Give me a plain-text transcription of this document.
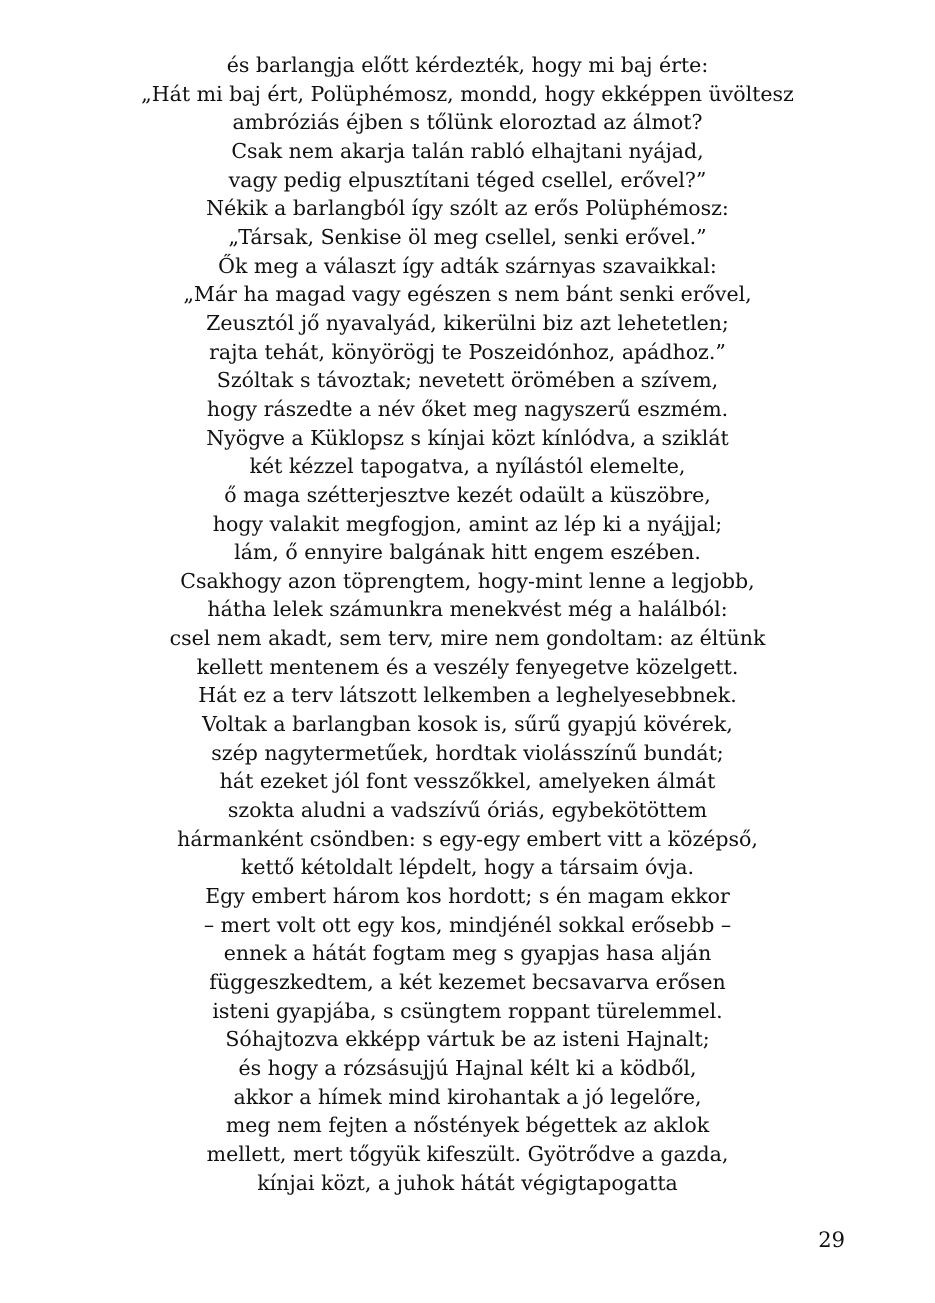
és barlangja előtt kérdezték, hogy mi baj érte:
„Hát mi baj ért, Polüphémosz, mondd, hogy ekképpen üvöltesz
ambróziás éjben s tőlünk eloroztad az álmot?
Csak nem akarja talán rabló elhajtani nyájad,
vagy pedig elpusztítani téged csellel, erővel?”
Nékik a barlangból így szólt az erős Polüphémosz:
„Társak, Senkise öl meg csellel, senki erővel.”
Ők meg a választ így adták szárnyas szavaikkal:
„Már ha magad vagy egészen s nem bánt senki erővel,
Zeusztól jő nyavalyád, kikerülni biz azt lehetetlen;
rajta tehát, könyörögj te Poszeidónhoz, apádhoz.”
Szóltak s távoztak; nevetett örömében a szívem,
hogy rászedte a név őket meg nagyszerű eszmém.
Nyögve a Küklopsz s kínjai közt kínlódva, a sziklát
két kézzel tapogatva, a nyílástól elemelte,
ő maga szétterjesztve kezét odaült a küszöbre,
hogy valakit megfogjon, amint az lép ki a nyájjal;
lám, ő ennyire balgának hitt engem eszében.
Csakhogy azon töprengtem, hogy-mint lenne a legjobb,
hátha lelek számunkra menekvést még a halálból:
csel nem akadt, sem terv, mire nem gondoltam: az éltünk
kellett mentenem és a veszély fenyegetve közelgett.
Hát ez a terv látszott lelkemben a leghelyesebbnek.
Voltak a barlangban kosok is, sűrű gyapjú kövérek,
szép nagytermetűek, hordtak violásszínű bundát;
hát ezeket jól font vesszőkkel, amelyeken álmát
szokta aludni a vadszívű óriás, egybekötöttem
hármanként csöndben: s egy-egy embert vitt a középső,
kettő kétoldalt lépdelt, hogy a társaim óvja.
Egy embert három kos hordott; s én magam ekkor
– mert volt ott egy kos, mindjénél sokkal erősebb –
ennek a hátát fogtam meg s gyapjas hasa alján
függeszkedtem, a két kezemet becsavarva erősen
isteni gyapjába, s csüngtem roppant türelemmel.
Sóhajtozva ekképp vártuk be az isteni Hajnalt;
és hogy a rózsásujjú Hajnal kélt ki a ködből,
akkor a hímek mind kirohantak a jó legelőre,
meg nem fejten a nőstények bégettek az aklok
mellett, mert tőgyük kifeszült. Gyötrődve a gazda,
kínjai közt, a juhok hátát végigtapogatta
29
